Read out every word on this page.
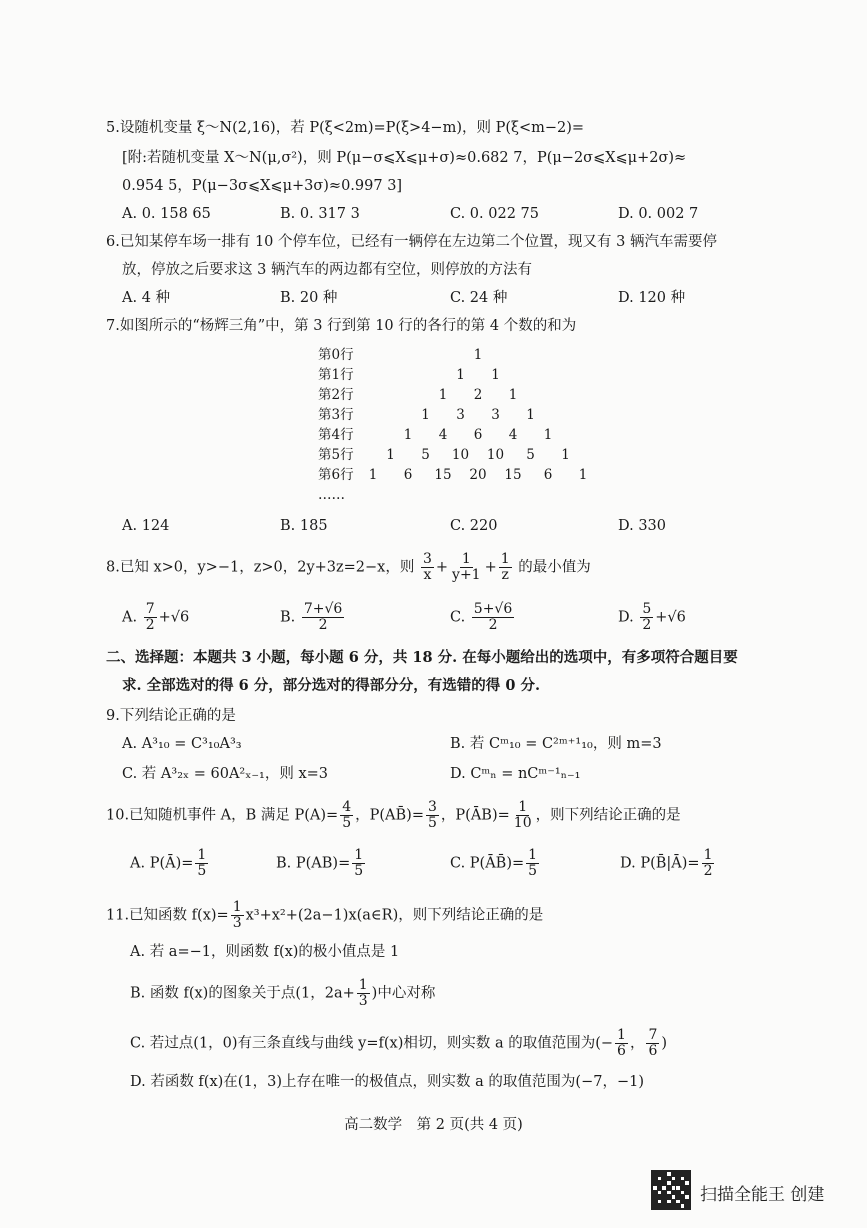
5.设随机变量 ξ～N(2,16)，若 P(ξ<2m)=P(ξ>4−m)，则 P(ξ<m−2)=
[附:若随机变量 X～N(μ,σ²)，则 P(μ−σ⩽X⩽μ+σ)≈0.682 7，P(μ−2σ⩽X⩽μ+2σ)≈
0.954 5，P(μ−3σ⩽X⩽μ+3σ)≈0.997 3]
A. 0. 158 65	B. 0. 317 3	C. 0. 022 75	D. 0. 002 7
6.已知某停车场一排有 10 个停车位，已经有一辆停在左边第二个位置，现又有 3 辆汽车需要停
放，停放之后要求这 3 辆汽车的两边都有空位，则停放的方法有
A. 4 种	B. 20 种	C. 24 种	D. 120 种
7.如图所示的“杨辉三角”中，第 3 行到第 10 行的各行的第 4 个数的和为
第0行	1
第1行	1	1
第2行	1	2	1
第3行	1	3	3	1
第4行	1	4	6	4	1
第5行	1	5	10 10	5	1
第6行	1	6	15 20 15	6	1
……
A. 124	B. 185	C. 220	D. 330
8.已知 x>0，y>−1，z>0，2y+3z=2−x，则 $\frac{3}{x} + \frac{1}{y+1} + \frac{1}{z}$ 的最小值为
A. $\frac{7}{2} +√6$	B. $\frac{7+√6}{2}$	C. $\frac{5+√6}{2}$	D. $\frac{5}{2} +√6$
二、选择题：本题共 3 小题，每小题 6 分，共 18 分. 在每小题给出的选项中，有多项符合题目要
求. 全部选对的得 6 分，部分选对的得部分分，有选错的得 0 分.
9.下列结论正确的是
A. A³₁₀ = C³₁₀A³₃	B. 若 Cᵐ₁₀ = C²ᵐ⁺¹₁₀，则 m=3
C. 若 A³₂ₓ = 60A²ₓ₋₁，则 x=3	D. Cᵐₙ = nCᵐ⁻¹ₙ₋₁
10.已知随机事件 A，B 满足 $P(A)= \frac{4}{5}$ ，P(AB̄)= $\frac{3}{5}$ ，P(ĀB)= $\frac{1}{10}$ ，则下列结论正确的是
A. P(Ā)= $\frac{1}{5}$	B. $P(AB)= \frac{1}{5}$	C. P(ĀB̄)= $\frac{1}{5}$	D. P(B̄|Ā)= $\frac{1}{2}$
11.已知函数 $f(x)= \frac{1}{3}$ x³+x²+(2a−1)x(a∈R)，则下列结论正确的是
A. 若 a=−1，则函数 f(x)的极小值点是 1
B. 函数 f(x)的图象关于点(1，$2a+ \frac{1}{3}$ )中心对称
C. 若过点(1，0)有三条直线与曲线 y=f(x)相切，则实数 a 的取值范围为(− $\frac{1}{6}$ ， $\frac{7}{6}$ )
D. 若函数 f(x)在(1，3)上存在唯一的极值点，则实数 a 的取值范围为(−7，−1)
高二数学　第 2 页(共 4 页)
扫描全能王 创建
